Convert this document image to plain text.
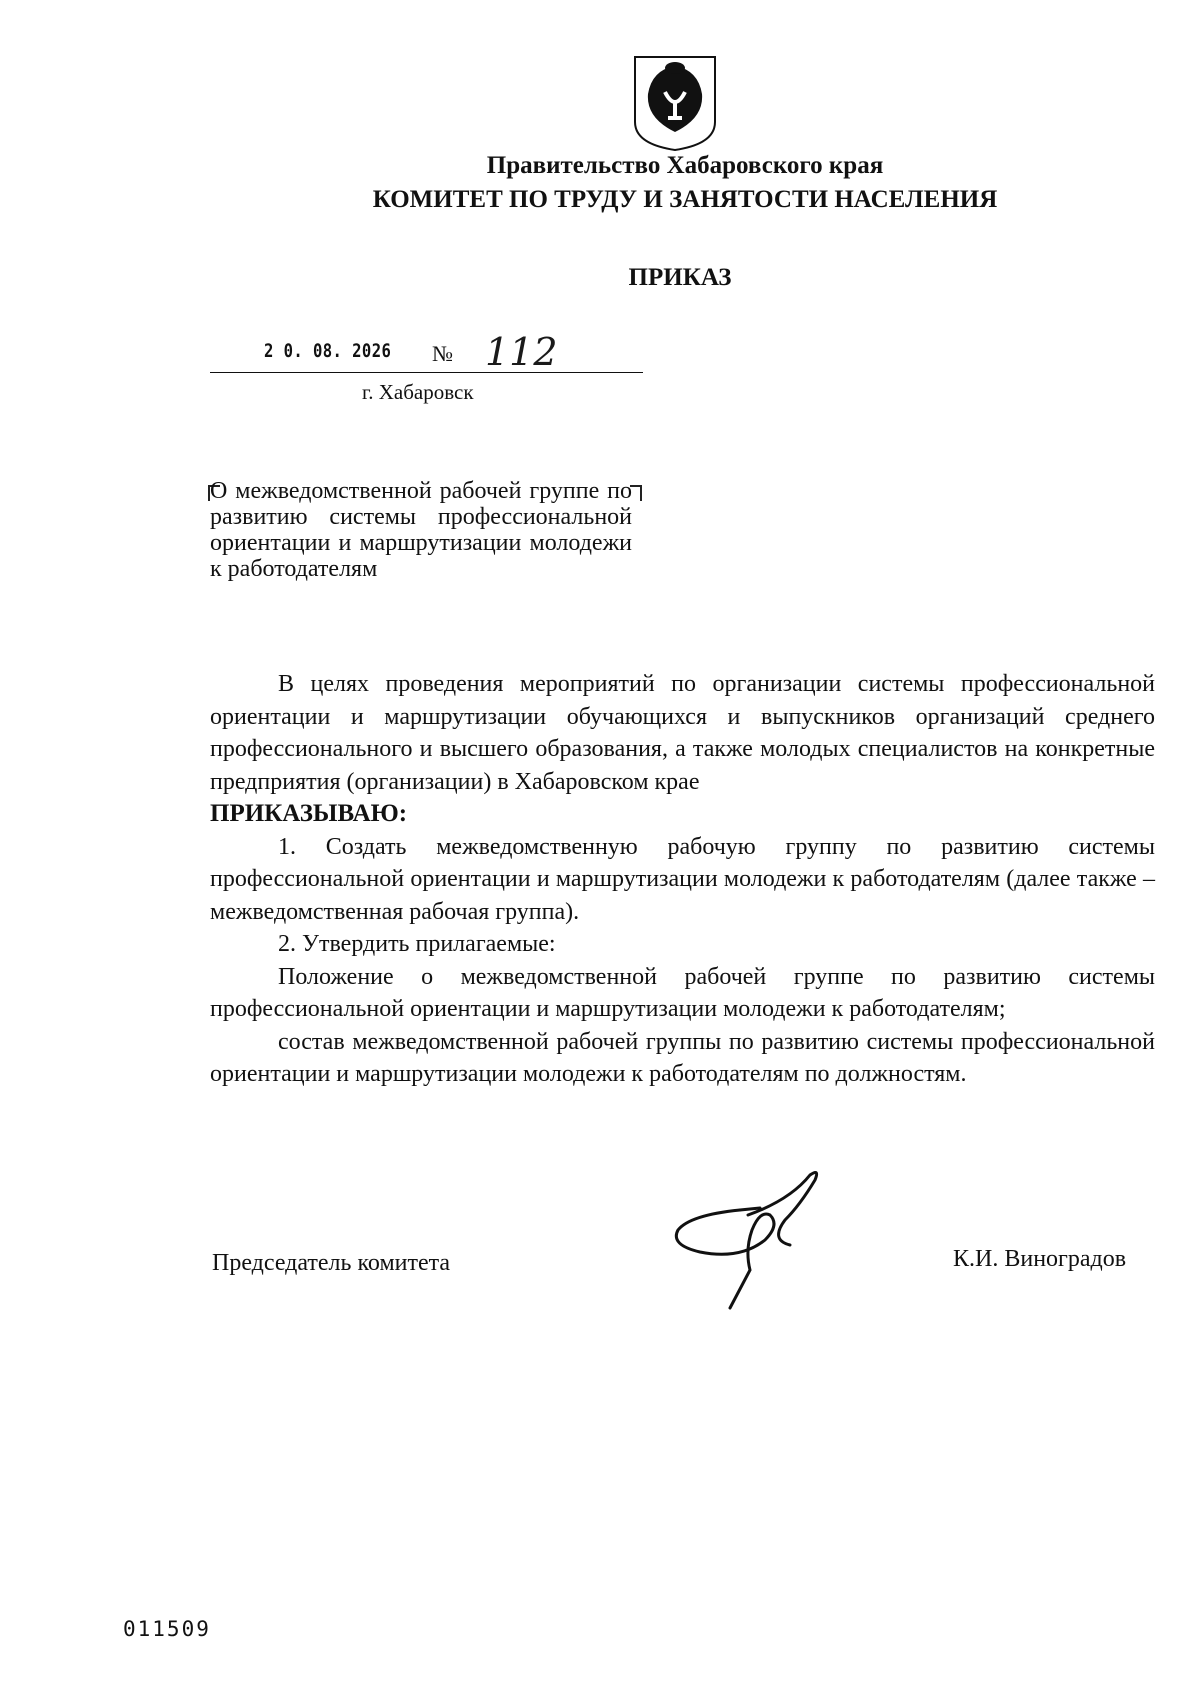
Правительство Хабаровского края
КОМИТЕТ ПО ТРУДУ И ЗАНЯТОСТИ НАСЕЛЕНИЯ
ПРИКАЗ
2 0. 08. 2026 № 112
г. Хабаровск
О межведомственной рабочей группе по развитию системы профессиональной ориентации и маршрутизации молодежи к работодателям

В целях проведения мероприятий по организации системы профессиональной ориентации и маршрутизации обучающихся и выпускников организаций среднего профессионального и высшего образования, а также молодых специалистов на конкретные предприятия (организации) в Хабаровском крае

ПРИКАЗЫВАЮ:

1. Создать межведомственную рабочую группу по развитию системы профессиональной ориентации и маршрутизации молодежи к работодателям (далее также – межведомственная рабочая группа).

2. Утвердить прилагаемые:

Положение о межведомственной рабочей группе по развитию системы профессиональной ориентации и маршрутизации молодежи к работодателям;

состав межведомственной рабочей группы по развитию системы профессиональной ориентации и маршрутизации молодежи к работодателям по должностям.

Председатель комитета	К.И. Виноградов
011509
